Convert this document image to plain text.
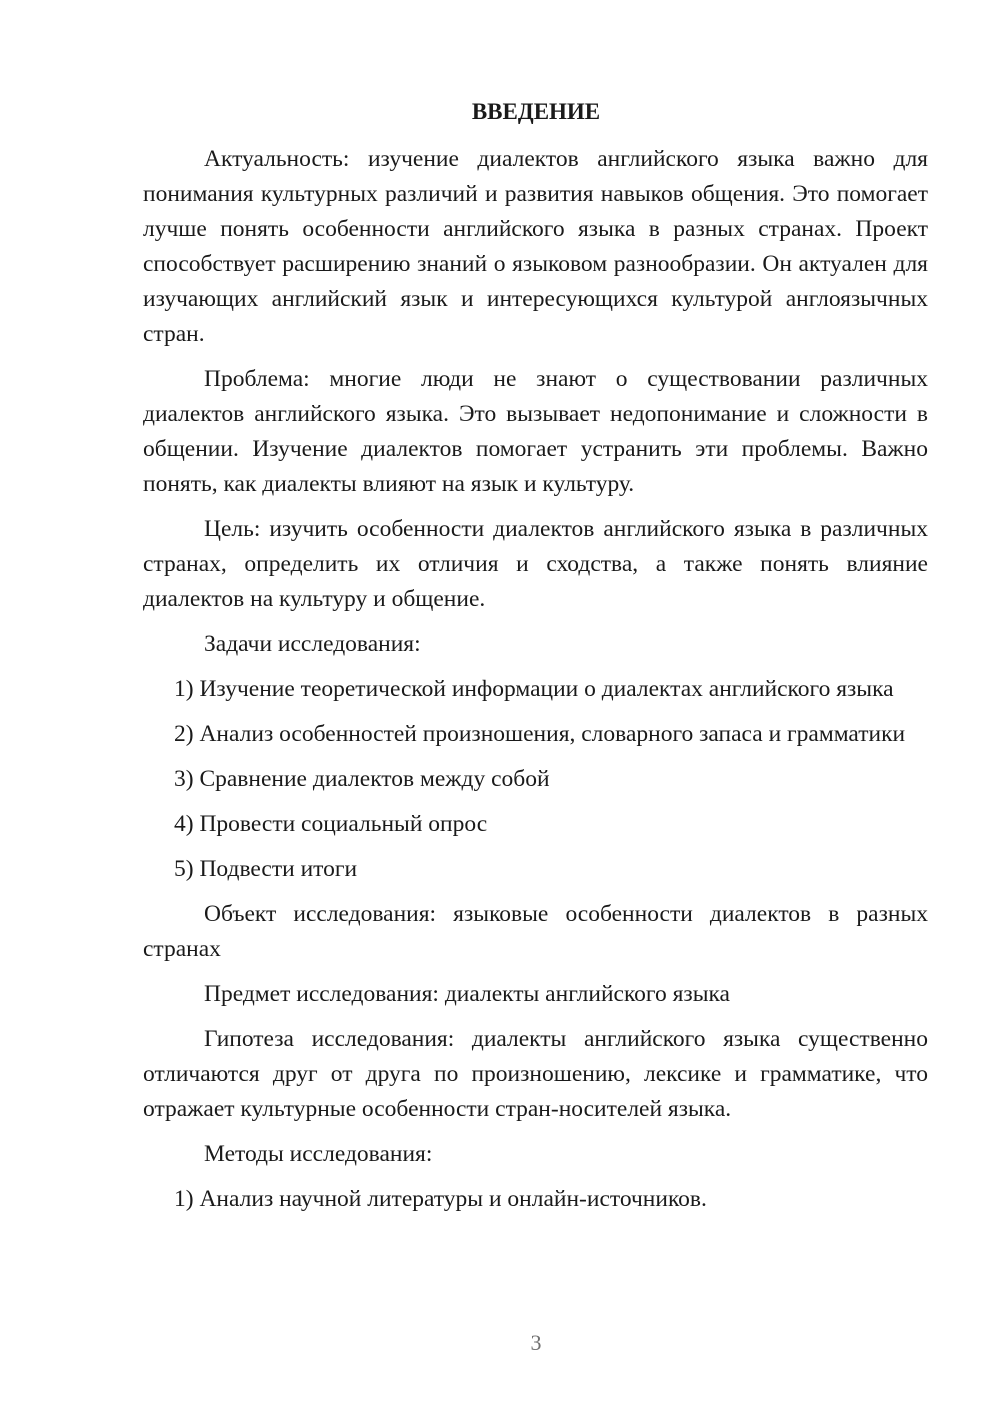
ВВЕДЕНИЕ

Актуальность: изучение диалектов английского языка важно для понимания культурных различий и развития навыков общения. Это помогает лучше понять особенности английского языка в разных странах. Проект способствует расширению знаний о языковом разнообразии. Он актуален для изучающих английский язык и интересующихся культурой англоязычных стран.

Проблема: многие люди не знают о существовании различных диалектов английского языка. Это вызывает недопонимание и сложности в общении. Изучение диалектов помогает устранить эти проблемы. Важно понять, как диалекты влияют на язык и культуру.

Цель: изучить особенности диалектов английского языка в различных странах, определить их отличия и сходства, а также понять влияние диалектов на культуру и общение.

Задачи исследования:

1) Изучение теоретической информации о диалектах английского языка

2) Анализ особенностей произношения, словарного запаса и грамматики

3) Сравнение диалектов между собой

4) Провести социальный опрос

5) Подвести итоги

Объект исследования: языковые особенности диалектов в разных странах

Предмет исследования: диалекты английского языка

Гипотеза исследования: диалекты английского языка существенно отличаются друг от друга по произношению, лексике и грамматике, что отражает культурные особенности стран-носителей языка.

Методы исследования:

1) Анализ научной литературы и онлайн-источников.

3
